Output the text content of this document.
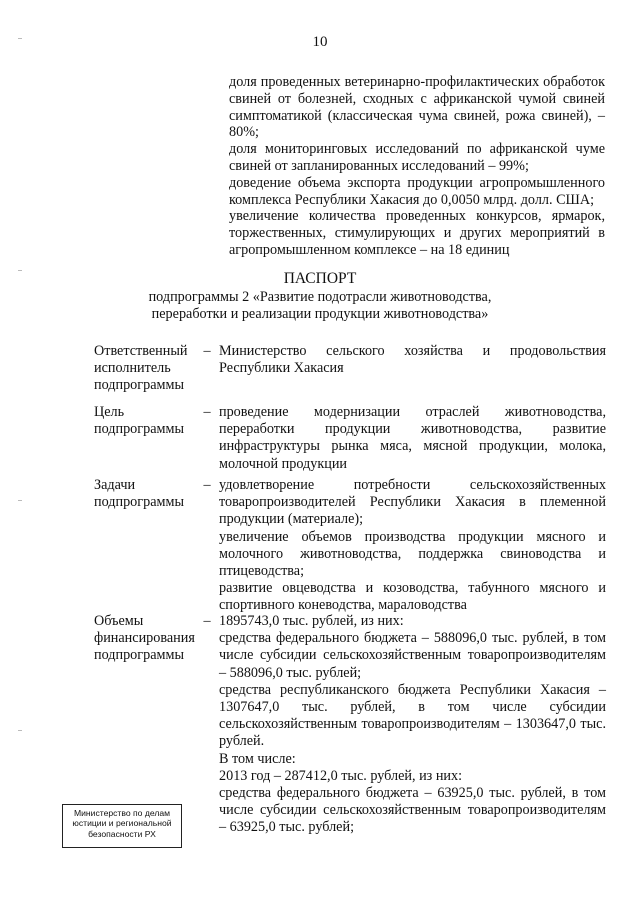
10

доля проведенных ветеринарно-профилактических обработок свиней от болезней, сходных с африканской чумой свиней симптоматикой (классическая чума свиней, рожа свиней), – 80%;

доля мониторинговых исследований по африканской чуме свиней от запланированных исследований – 99%;

доведение объема экспорта продукции агропромышленного комплекса Республики Хакасия до 0,0050 млрд. долл. США;

увеличение количества проведенных конкурсов, ярмарок, торжественных, стимулирующих и других мероприятий в агропромышленном комплексе – на 18 единиц

ПАСПОРТ
подпрограммы 2 «Развитие подотрасли животноводства,
переработки и реализации продукции животноводства»
Ответственный
исполнитель
подпрограммы
– Министерство сельского хозяйства и продовольствия Республики Хакасия

Цель
подпрограммы
– проведение модернизации отраслей животноводства, переработки продукции животноводства, развитие инфраструктуры рынка мяса, мясной продукции, молока, молочной продукции

Задачи
подпрограммы
– удовлетворение потребности сельскохозяйственных товаропроизводителей Республики Хакасия в племенной продукции (материале);

увеличение объемов производства продукции мясного и молочного животноводства, поддержка свиноводства и птицеводства;

развитие овцеводства и козоводства, табунного мясного и спортивного коневодства, мараловодства

Объемы
финансирования
подпрограммы
– 1895743,0 тыс. рублей, из них:

средства федерального бюджета – 588096,0 тыс. рублей, в том числе субсидии сельскохозяйственным товаропроизводителям – 588096,0 тыс. рублей;

средства республиканского бюджета Республики Хакасия – 1307647,0 тыс. рублей, в том числе субсидии сельскохозяйственным товаропроизводителям – 1303647,0 тыс. рублей.

В том числе:

2013 год – 287412,0 тыс. рублей, из них:

средства федерального бюджета – 63925,0 тыс. рублей, в том числе субсидии сельскохозяйственным товаропроизводителям – 63925,0 тыс. рублей;

Министерство по делам
юстиции и региональной
безопасности РХ
